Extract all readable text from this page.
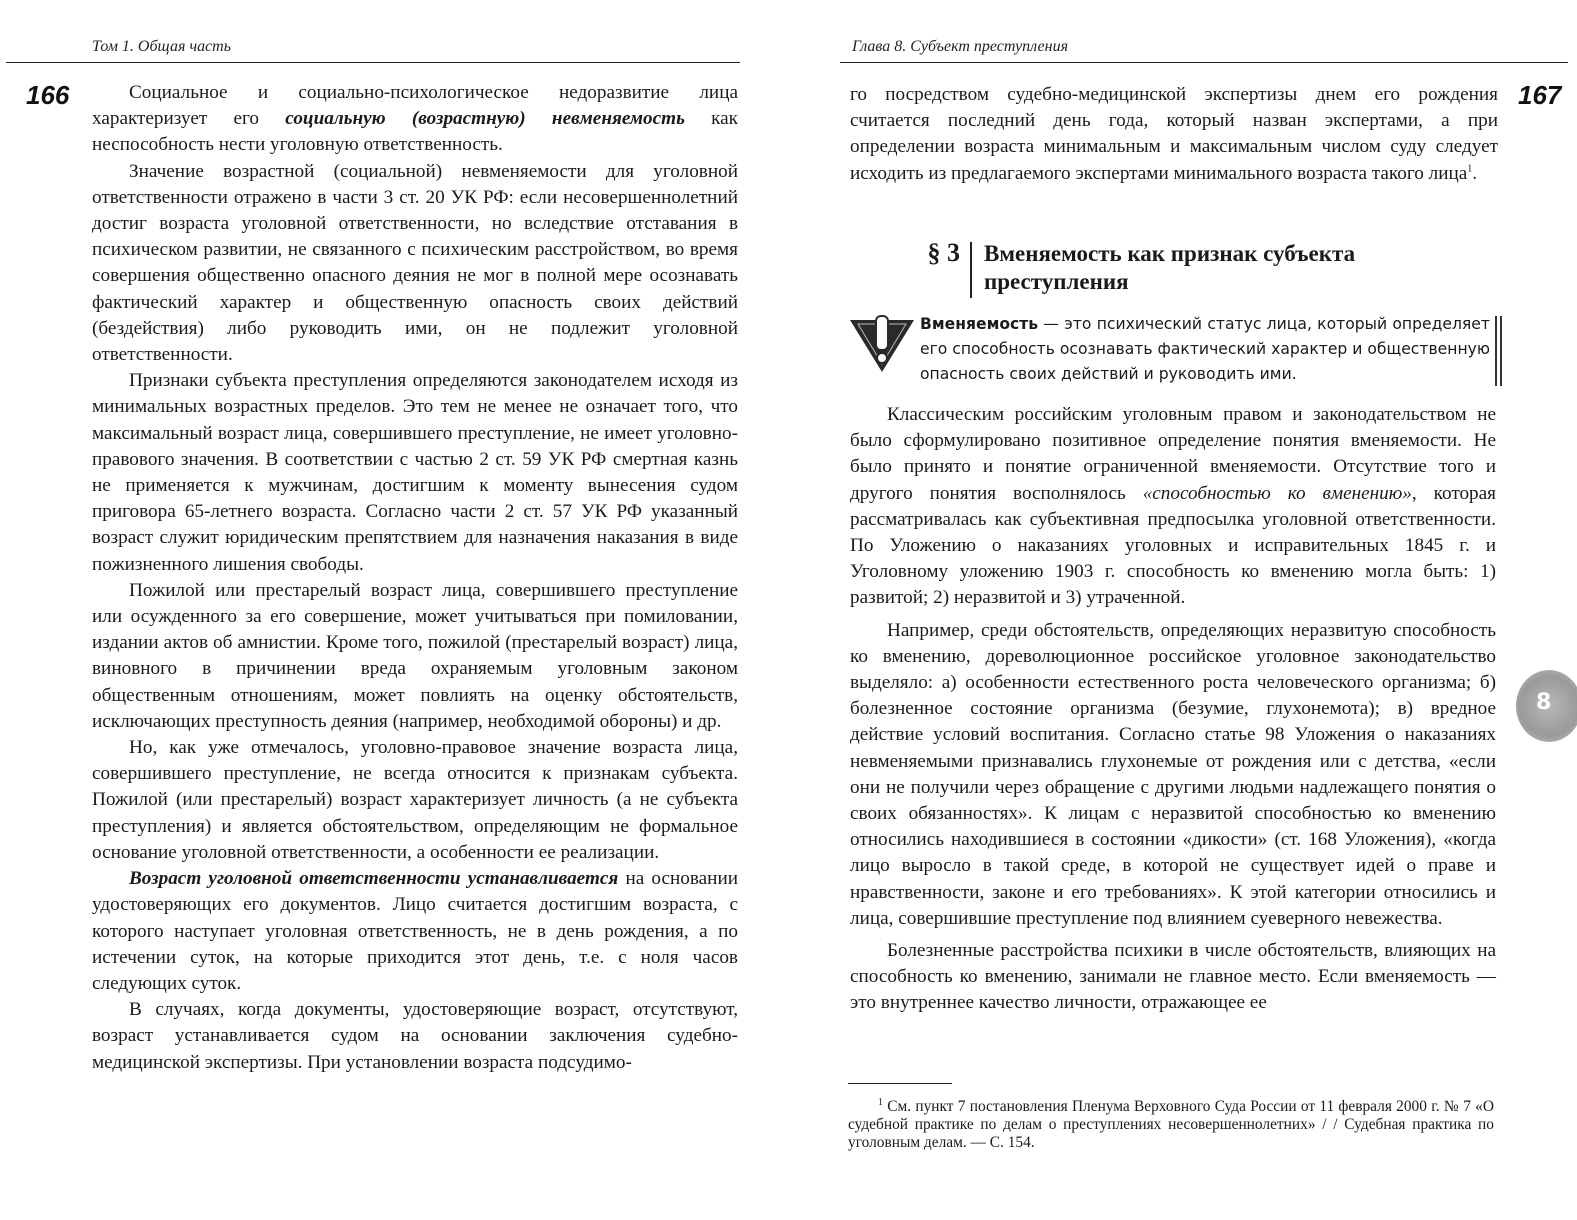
Том 1. Общая часть
166	Социальное и социально-психологическое недоразвитие лица характеризует его социальную (возрастную) невменяемость как неспособность нести уголовную ответственность.

Значение возрастной (социальной) невменяемости для уголовной ответственности отражено в части 3 ст. 20 УК РФ: если несовершеннолетний достиг возраста уголовной ответственности, но вследствие отставания в психическом развитии, не связанного с психическим расстройством, во время совершения общественно опасного деяния не мог в полной мере осознавать фактический характер и общественную опасность своих действий (бездействия) либо руководить ими, он не подлежит уголовной ответственности.

Признаки субъекта преступления определяются законодателем исходя из минимальных возрастных пределов. Это тем не менее не означает того, что максимальный возраст лица, совершившего преступление, не имеет уголовно-правового значения. В соответствии с частью 2 ст. 59 УК РФ смертная казнь не применяется к мужчинам, достигшим к моменту вынесения судом приговора 65-летнего возраста. Согласно части 2 ст. 57 УК РФ указанный возраст служит юридическим препятствием для назначения наказания в виде пожизненного лишения свободы.

Пожилой или престарелый возраст лица, совершившего преступление или осужденного за его совершение, может учитываться при помиловании, издании актов об амнистии. Кроме того, пожилой (престарелый возраст) лица, виновного в причинении вреда охраняемым уголовным законом общественным отношениям, может повлиять на оценку обстоятельств, исключающих преступность деяния (например, необходимой обороны) и др.

Но, как уже отмечалось, уголовно-правовое значение возраста лица, совершившего преступление, не всегда относится к признакам субъекта. Пожилой (или престарелый) возраст характеризует личность (а не субъекта преступления) и является обстоятельством, определяющим не формальное основание уголовной ответственности, а особенности ее реализации.

Возраст уголовной ответственности устанавливается на основании удостоверяющих его документов. Лицо считается достигшим возраста, с которого наступает уголовная ответственность, не в день рождения, а по истечении суток, на которые приходится этот день, т.е. с ноля часов следующих суток.

В случаях, когда документы, удостоверяющие возраст, отсутствуют, возраст устанавливается судом на основании заключения судебно-медицинской экспертизы. При установлении возраста подсудимо-

Глава 8. Субъект преступления
167

го посредством судебно-медицинской экспертизы днем его рождения считается последний день года, который назван экспертами, а при определении возраста минимальным и максимальным числом суду следует исходить из предлагаемого экспертами минимального возраста такого лица$^1$.

§ 3 Вменяемость как признак субъекта преступления
Вменяемость — это психический статус лица, который определяет его способность осознавать фактический характер и общественную опасность своих действий и руководить ими.

Классическим российским уголовным правом и законодательством не было сформулировано позитивное определение понятия вменяемости. Не было принято и понятие ограниченной вменяемости. Отсутствие того и другого понятия восполнялось «способностью ко вменению», которая рассматривалась как субъективная предпосылка уголовной ответственности. По Уложению о наказаниях уголовных и исправительных 1845 г. и Уголовному уложению 1903 г. способность ко вменению могла быть: 1) развитой; 2) неразвитой и 3) утраченной.

Например, среди обстоятельств, определяющих неразвитую способность ко вменению, дореволюционное российское уголовное законодательство выделяло: а) особенности естественного роста человеческого организма; б) болезненное состояние организма (безумие, глухонемота); в) вредное действие условий воспитания. Согласно статье 98 Уложения о наказаниях невменяемыми признавались глухонемые от рождения или с детства, «если они не получили через обращение с другими людьми надлежащего понятия о своих обязанностях». К лицам с неразвитой способностью ко вменению относились находившиеся в состоянии «дикости» (ст. 168 Уложения), «когда лицо выросло в такой среде, в которой не существует идей о праве и нравственности, законе и его требованиях». К этой категории относились и лица, совершившие преступление под влиянием суеверного невежества.

Болезненные расстройства психики в числе обстоятельств, влияющих на способность ко вменению, занимали не главное место. Если вменяемость — это внутреннее качество личности, отражающее ее

$^1$ См. пункт 7 постановления Пленума Верховного Суда России от 11 февраля 2000 г. № 7 «О судебной практике по делам о преступлениях несовершеннолетних» / / Судебная практика по уголовным делам. — С. 154.
8
